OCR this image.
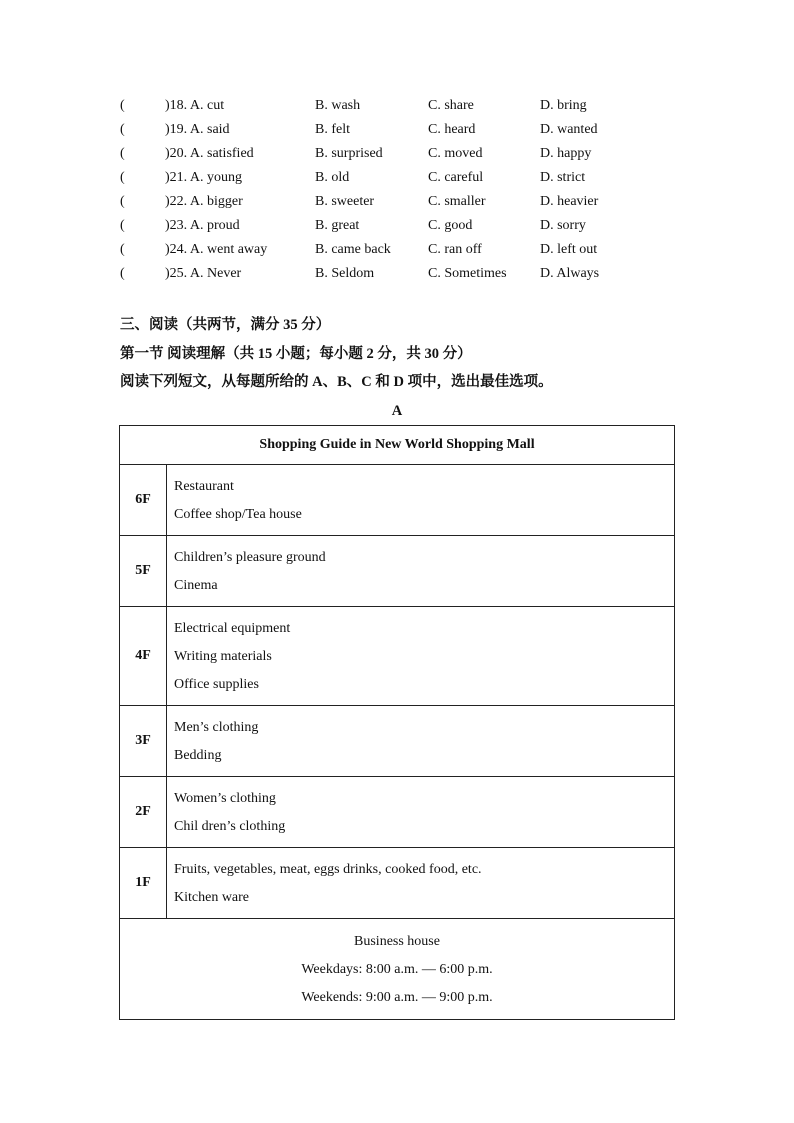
(	)18. A. cut	B. wash	C. share	D. bring
(	)19. A. said	B. felt	C. heard	D. wanted
(	)20. A. satisfied	B. surprised	C. moved	D. happy
(	)21. A. young	B. old	C. careful	D. strict
(	)22. A. bigger	B. sweeter	C. smaller	D. heavier
(	)23. A. proud	B. great	C. good	D. sorry
(	)24. A. went away	B. came back	C. ran off	D. left out
(	)25. A. Never	B. Seldom	C. Sometimes D. Always
三、阅读（共两节，满分 35 分）
第一节 阅读理解（共 15 小题；每小题 2 分，共 30 分）
阅读下列短文，从每题所给的 A、B、C 和 D 项中，选出最佳选项。
A
Shopping Guide in New World Shopping Mall	
6F	Restaurant
Coffee shop/Tea house

5F	Children’s pleasure ground
Cinema

4F	Electrical equipment
Writing materials
Office supplies

3F	Men’s clothing
Bedding

2F	Women’s clothing
Chil dren’s clothing

1F	Fruits, vegetables, meat, eggs drinks, cooked food, etc.
Kitchen ware

Business house
Weekdays: 8:00 a.m. — 6:00 p.m.
Weekends: 9:00 a.m. — 9:00 p.m.	
